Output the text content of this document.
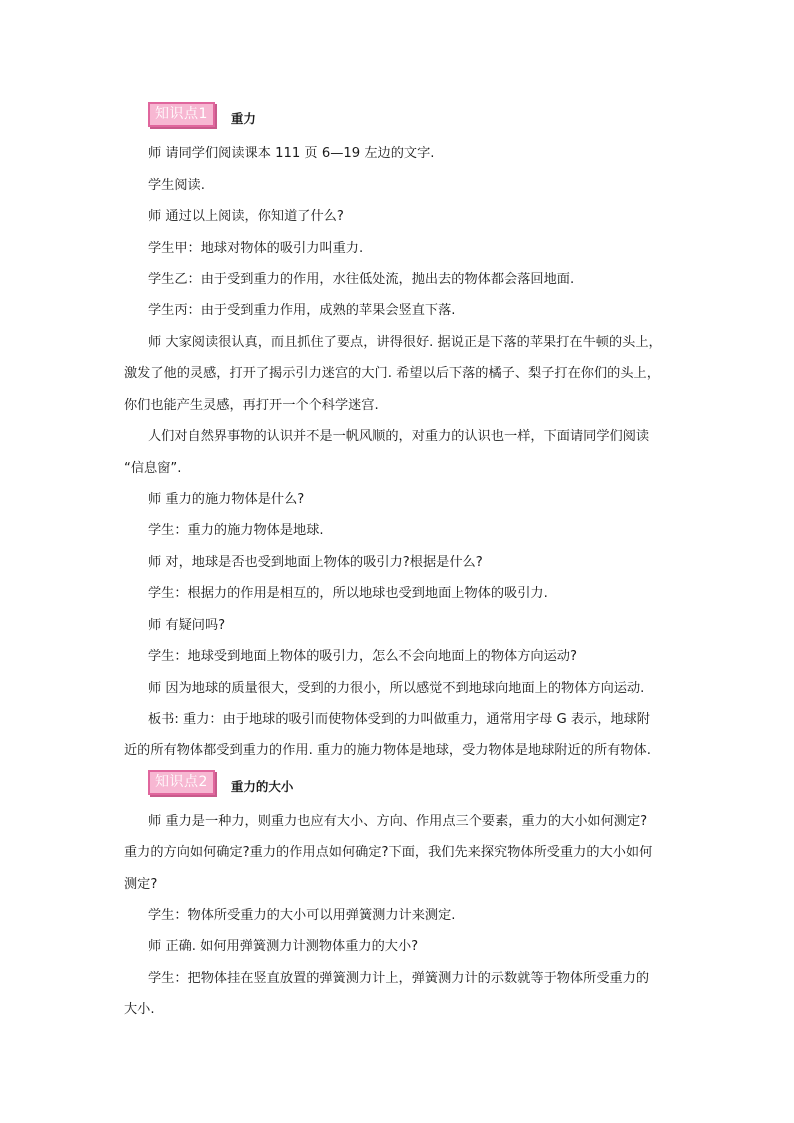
知识点1	重力
师 请同学们阅读课本 111 页 6—19 左边的文字.
学生阅读.
师 通过以上阅读，你知道了什么?
学生甲：地球对物体的吸引力叫重力.
学生乙：由于受到重力的作用，水往低处流，抛出去的物体都会落回地面.
学生丙：由于受到重力作用，成熟的苹果会竖直下落.
师 大家阅读很认真，而且抓住了要点，讲得很好. 据说正是下落的苹果打在牛顿的头上，
激发了他的灵感，打开了揭示引力迷宫的大门. 希望以后下落的橘子、梨子打在你们的头上，
你们也能产生灵感，再打开一个个科学迷宫.
人们对自然界事物的认识并不是一帆风顺的，对重力的认识也一样，下面请同学们阅读
“信息窗”.
师 重力的施力物体是什么?
学生：重力的施力物体是地球.
师 对，地球是否也受到地面上物体的吸引力?根据是什么?
学生：根据力的作用是相互的，所以地球也受到地面上物体的吸引力.
师 有疑问吗?
学生：地球受到地面上物体的吸引力，怎么不会向地面上的物体方向运动?
师 因为地球的质量很大，受到的力很小，所以感觉不到地球向地面上的物体方向运动.
板书: 重力：由于地球的吸引而使物体受到的力叫做重力，通常用字母 G 表示，地球附
近的所有物体都受到重力的作用. 重力的施力物体是地球，受力物体是地球附近的所有物体.
知识点2	重力的大小
师 重力是一种力，则重力也应有大小、方向、作用点三个要素，重力的大小如何测定?
重力的方向如何确定?重力的作用点如何确定?下面，我们先来探究物体所受重力的大小如何
测定?
学生：物体所受重力的大小可以用弹簧测力计来测定.
师 正确. 如何用弹簧测力计测物体重力的大小?
学生：把物体挂在竖直放置的弹簧测力计上，弹簧测力计的示数就等于物体所受重力的
大小.
